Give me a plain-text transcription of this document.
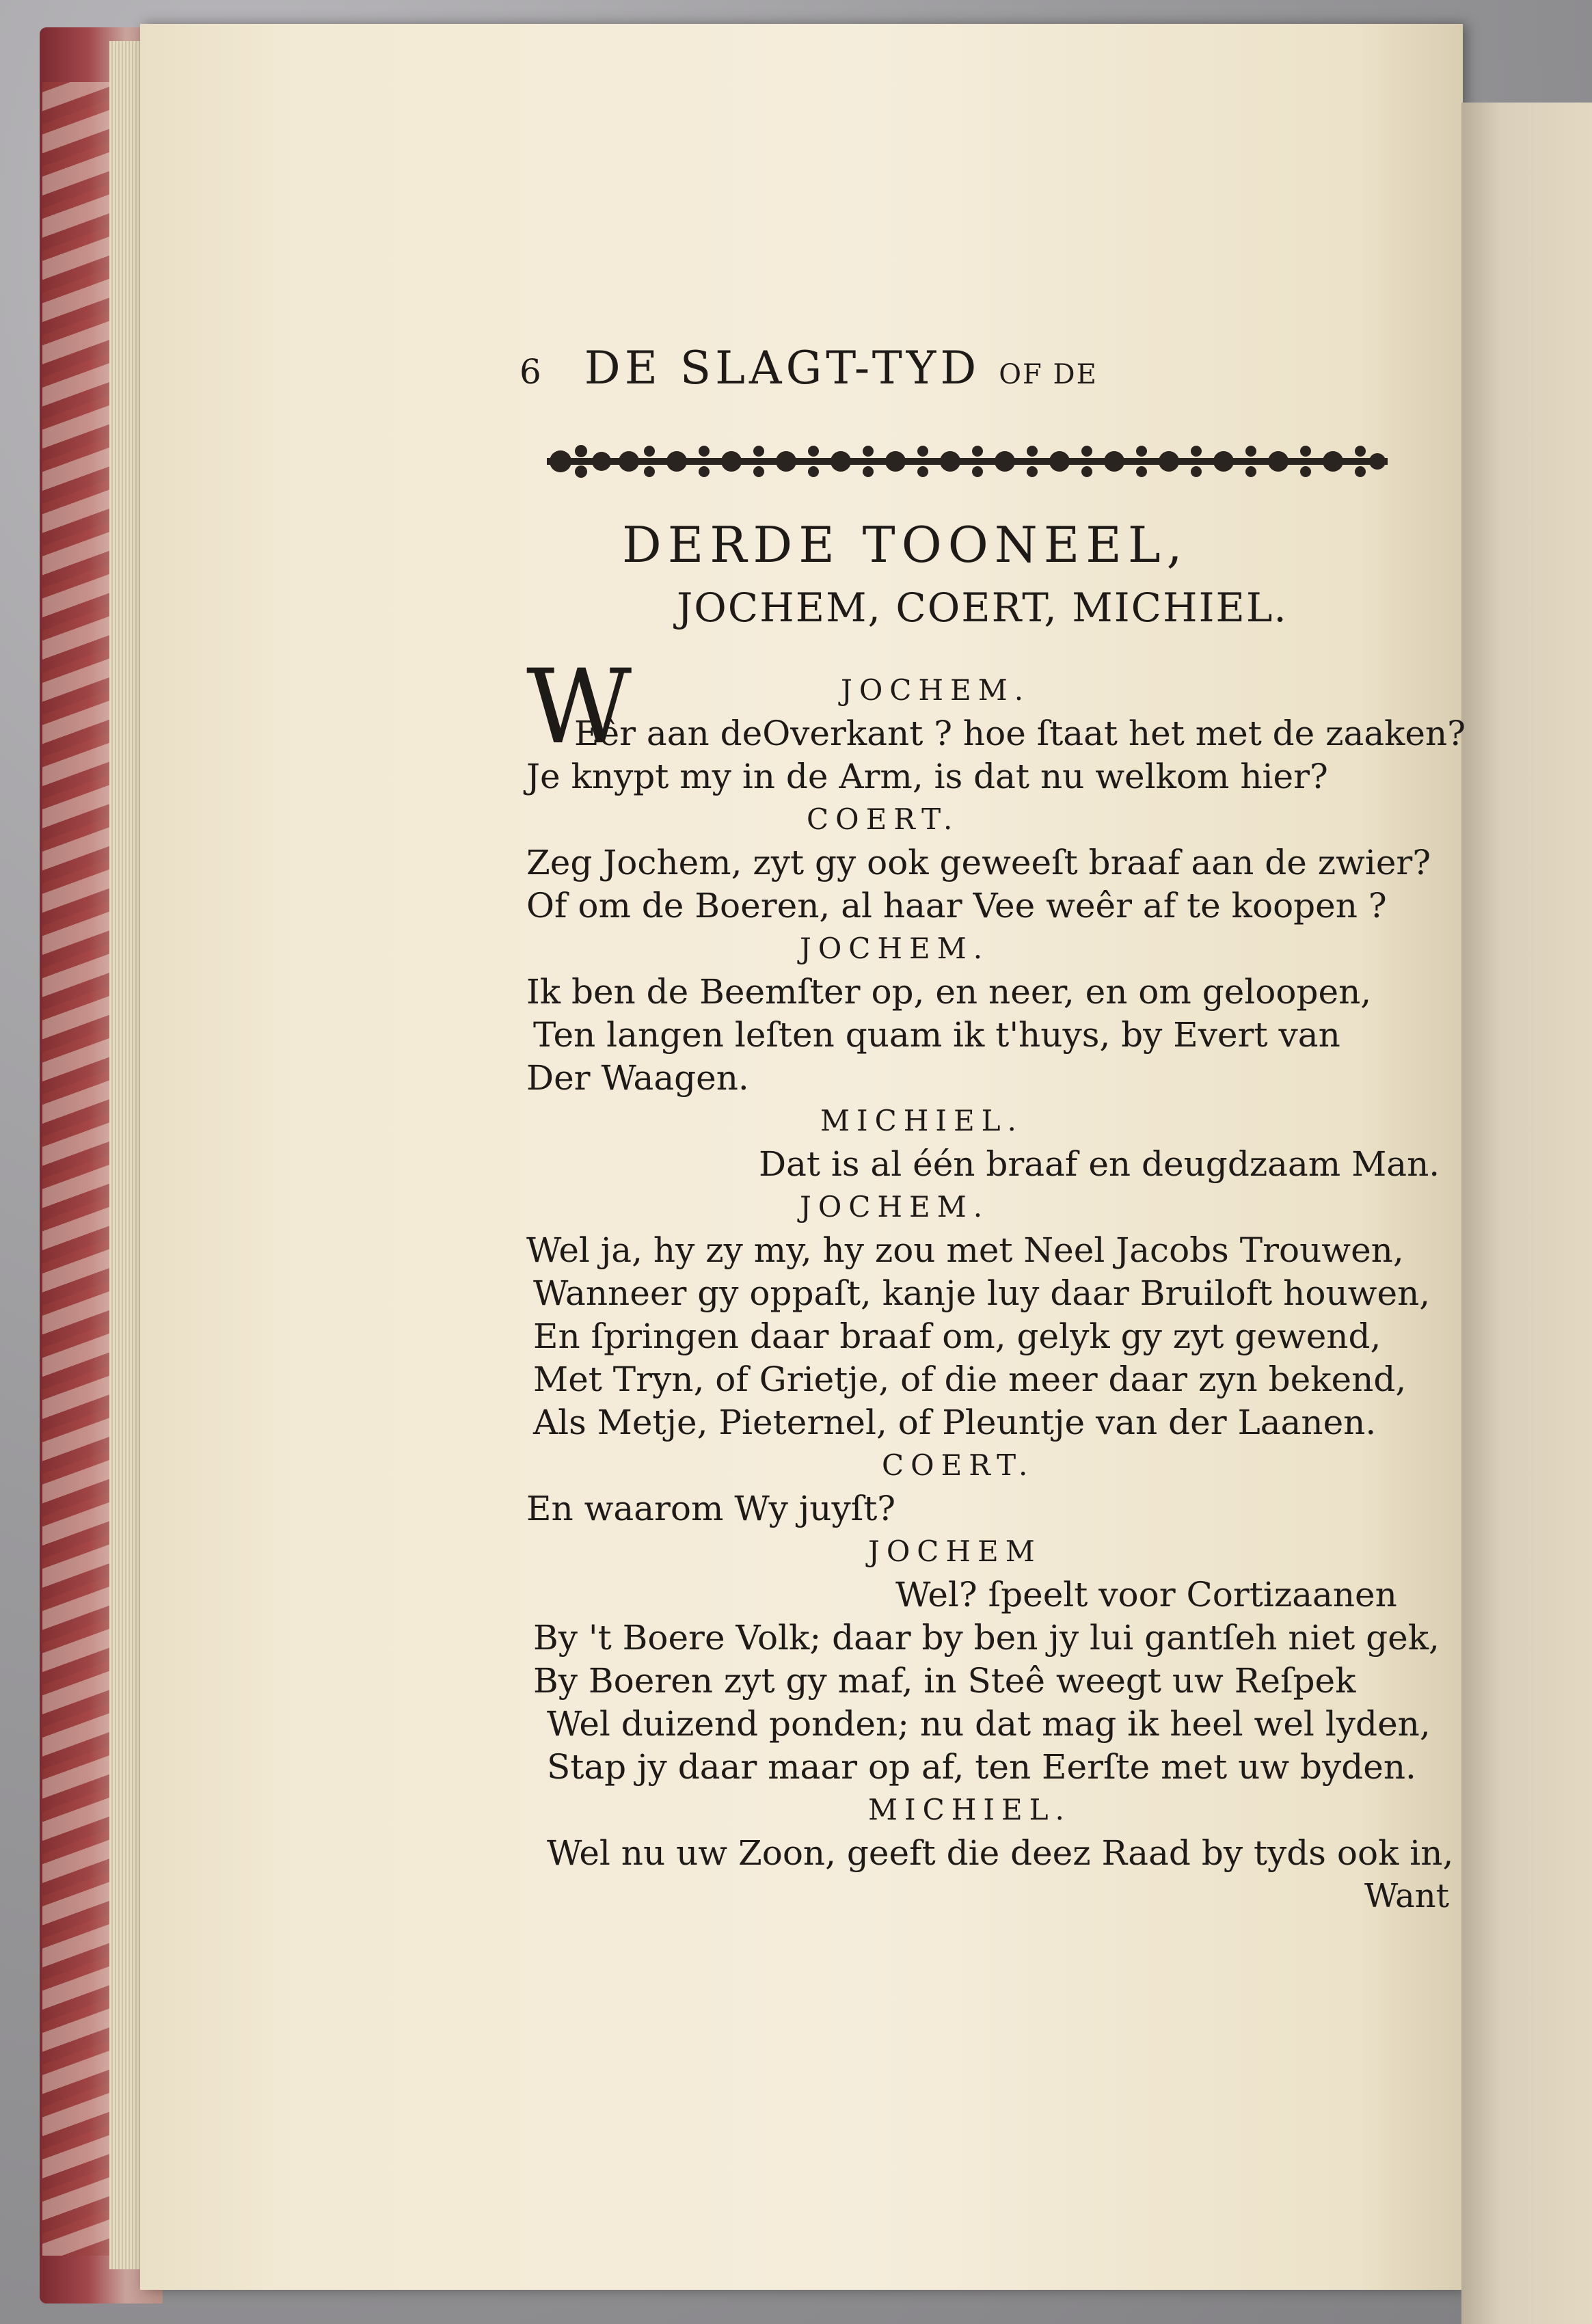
6 DE SLAGT-TYD OF DE
DERDE TOONEEL,
JOCHEM, COERT, MICHIEL.
W	JOCHEM.
Eêr aan deOverkant ? hoe ſtaat het met de zaaken?
Je knypt my in de Arm, is dat nu welkom hier?
COERT.
Zeg Jochem, zyt gy ook geweeſt braaf aan de zwier?
Of om de Boeren, al haar Vee weêr af te koopen ?
JOCHEM.
Ik ben de Beemſter op, en neer, en om geloopen,
Ten langen leſten quam ik t'huys, by Evert van
Der Waagen.
MICHIEL.
Dat is al één braaf en deugdzaam Man.
JOCHEM.
Wel ja, hy zy my, hy zou met Neel Jacobs Trouwen,
Wanneer gy oppaſt, kanje luy daar Bruiloft houwen,
En ſpringen daar braaf om, gelyk gy zyt gewend,
Met Tryn, of Grietje, of die meer daar zyn bekend,
Als Metje, Pieternel, of Pleuntje van der Laanen.
COERT.
En waarom Wy juyſt?
JOCHEM
Wel? ſpeelt voor Cortizaanen
By 't Boere Volk; daar by ben jy lui gantſeh niet gek,
By Boeren zyt gy maf, in Steê weegt uw Reſpek
Wel duizend ponden; nu dat mag ik heel wel lyden,
Stap jy daar maar op af, ten Eerſte met uw byden.
MICHIEL.
Wel nu uw Zoon, geeft die deez Raad by tyds ook in,
Want
